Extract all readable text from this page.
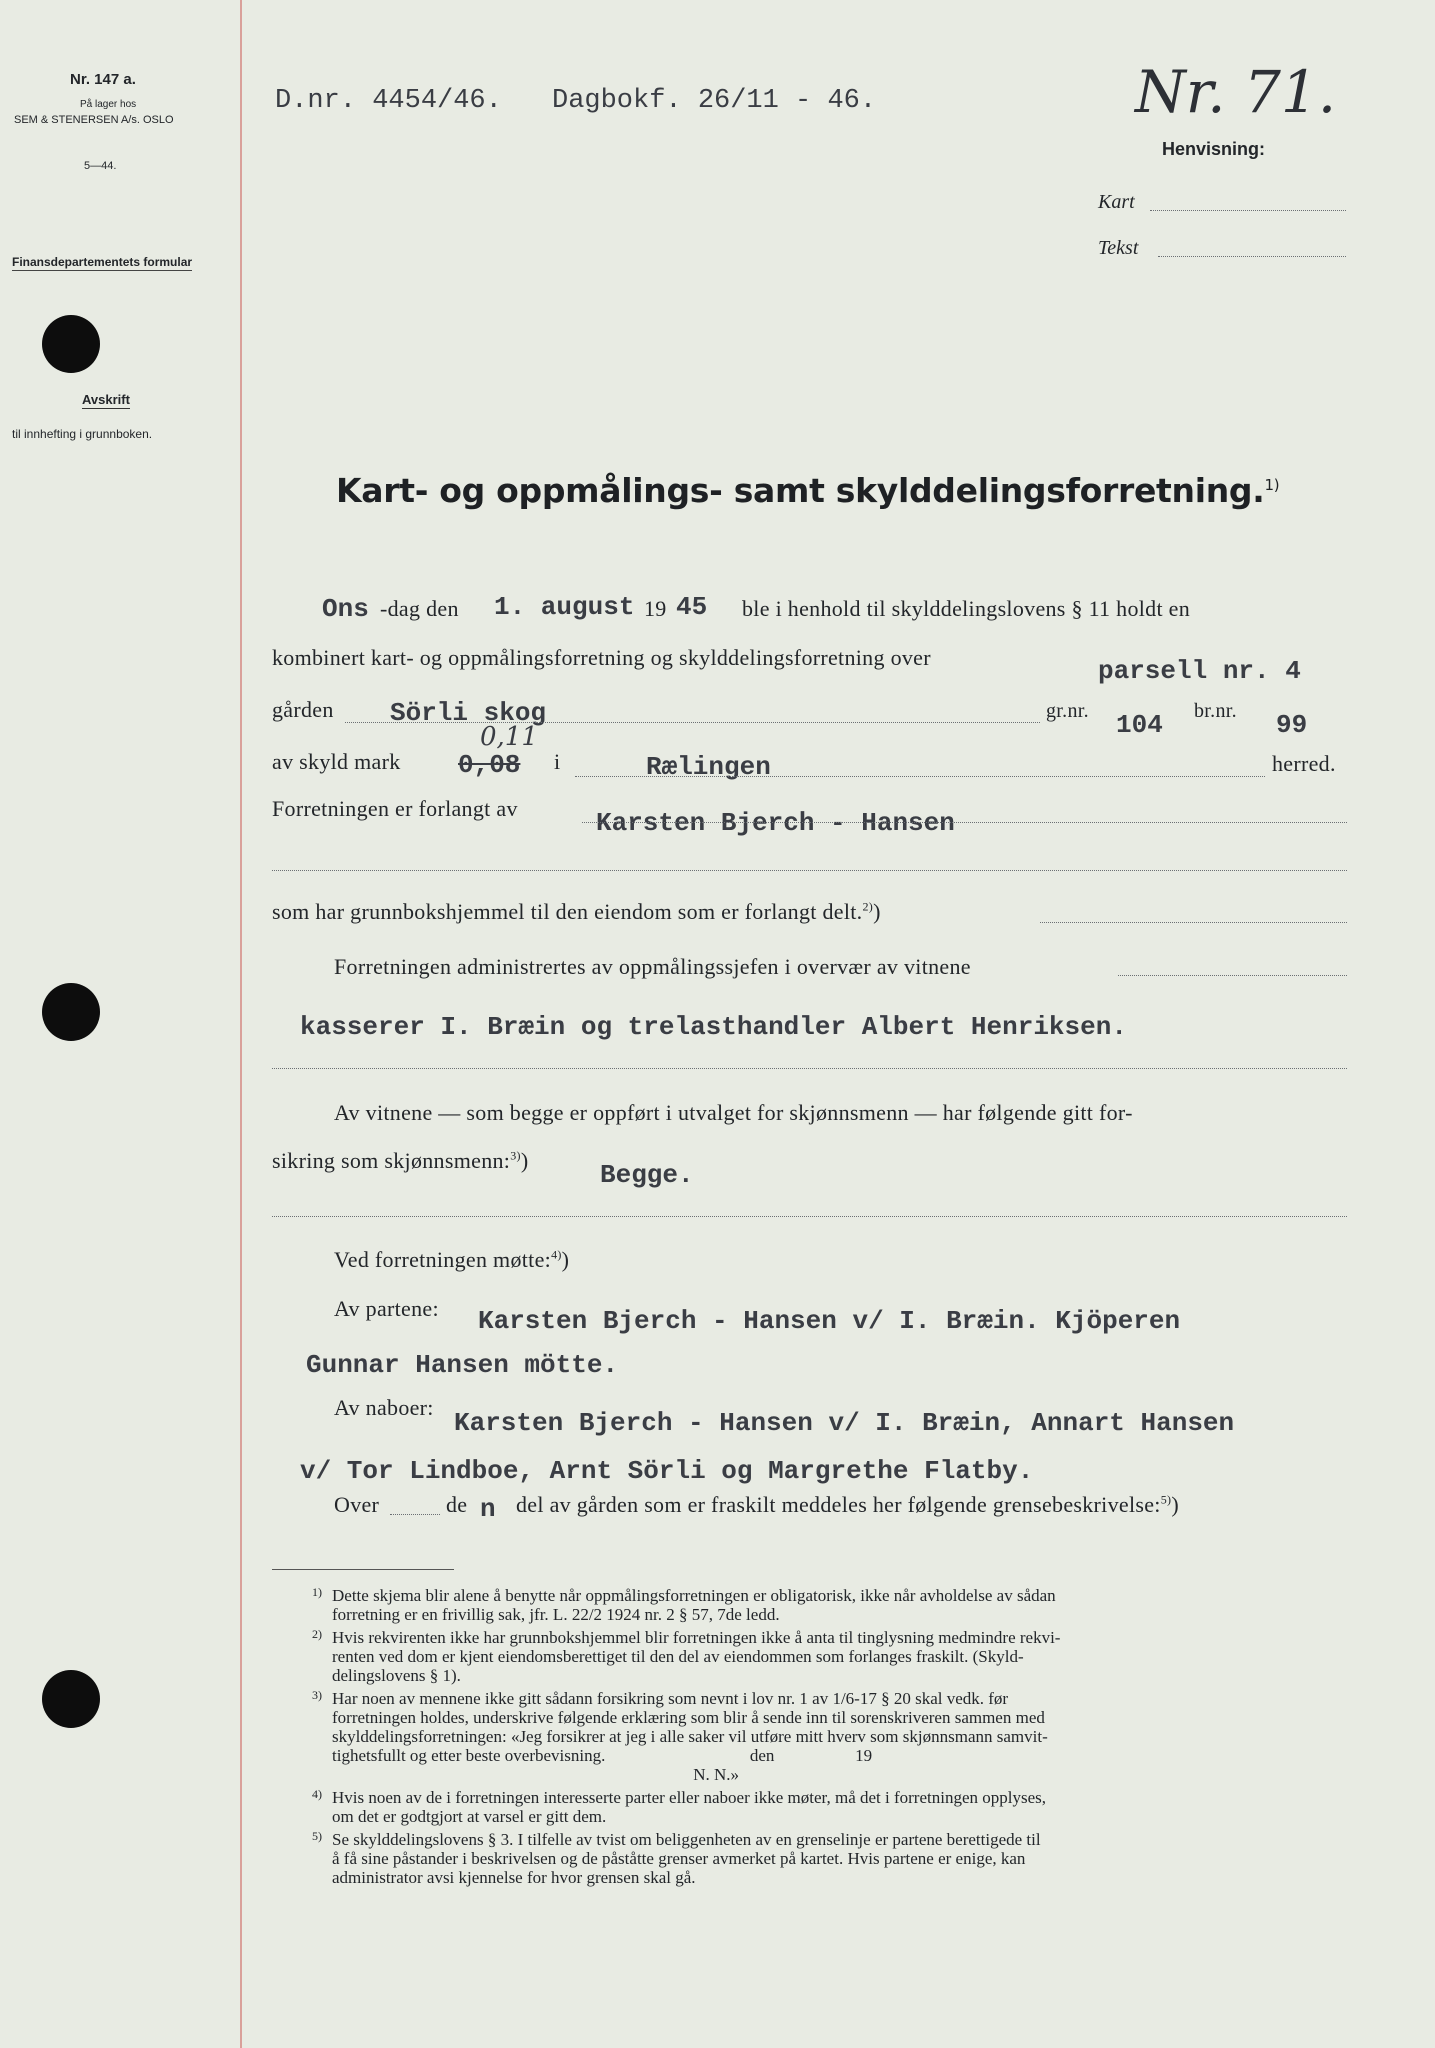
Nr. 147 a.
På lager hos
SEM & STENERSEN A/s. OSLO
5—44.
Finansdepartementets formular
Avskrift
til innhefting i grunnboken.
D.nr. 4454/46. Dagbokf. 26/11 - 46.	Nr. 71.
Henvisning:
Kart
Tekst
Kart- og oppmålings- samt skylddelingsforretning.$^{1)}$
Ons -dag den 1. august 19 45 ble i henhold til skylddelingslovens § 11 holdt en
kombinert kart- og oppmålingsforretning og skylddelingsforretning over	parsell nr. 4
gården Sörli skog	gr.nr. 104 br.nr. 99
av skyld mark
0,11
0,08 i	Rælingen	herred.
Forretningen er forlangt av	Karsten Bjerch - Hansen
som har grunnbokshjemmel til den eiendom som er forlangt delt.$^{2)}$)
Forretningen administrertes av oppmålingssjefen i overvær av vitnene
kasserer I. Bræin og trelasthandler Albert Henriksen.
Av vitnene — som begge er oppført i utvalget for skjønnsmenn — har følgende gitt for-
sikring som skjønnsmenn:$^{3)}$)	Begge.
Ved forretningen møtte:$^{4)}$)
Av partene: Karsten Bjerch - Hansen v/ I. Bræin. Kjöperen
Gunnar Hansen mötte.
Av naboer:
Karsten Bjerch - Hansen v/ I. Bræin, Annart Hansen
v/ Tor Lindboe, Arnt Sörli og Margrethe Flatby.
Over	de n del av gården som er fraskilt meddeles her følgende grensebeskrivelse:$^{5)}$)
1) Dette skjema blir alene å benytte når oppmålingsforretningen er obligatorisk, ikke når avholdelse av sådan
forretning er en frivillig sak, jfr. L. 22/2 1924 nr. 2 § 57, 7de ledd.
2) Hvis rekvirenten ikke har grunnbokshjemmel blir forretningen ikke å anta til tinglysning medmindre rekvi-
renten ved dom er kjent eiendomsberettiget til den del av eiendommen som forlanges fraskilt. (Skyld-
delingslovens § 1).
3) Har noen av mennene ikke gitt sådann forsikring som nevnt i lov nr. 1 av 1/6-17 § 20 skal vedk. før
forretningen holdes, underskrive følgende erklæring som blir å sende inn til sorenskriveren sammen med
skylddelingsforretningen: «Jeg forsikrer at jeg i alle saker vil utføre mitt hverv som skjønnsmann samvit-
tighetsfullt og etter beste overbevisning.                                  den                   19
N. N.»
4) Hvis noen av de i forretningen interesserte parter eller naboer ikke møter, må det i forretningen opplyses,
om det er godtgjort at varsel er gitt dem.
5) Se skylddelingslovens § 3. I tilfelle av tvist om beliggenheten av en grenselinje er partene berettigede til
å få sine påstander i beskrivelsen og de påståtte grenser avmerket på kartet. Hvis partene er enige, kan
administrator avsi kjennelse for hvor grensen skal gå.
